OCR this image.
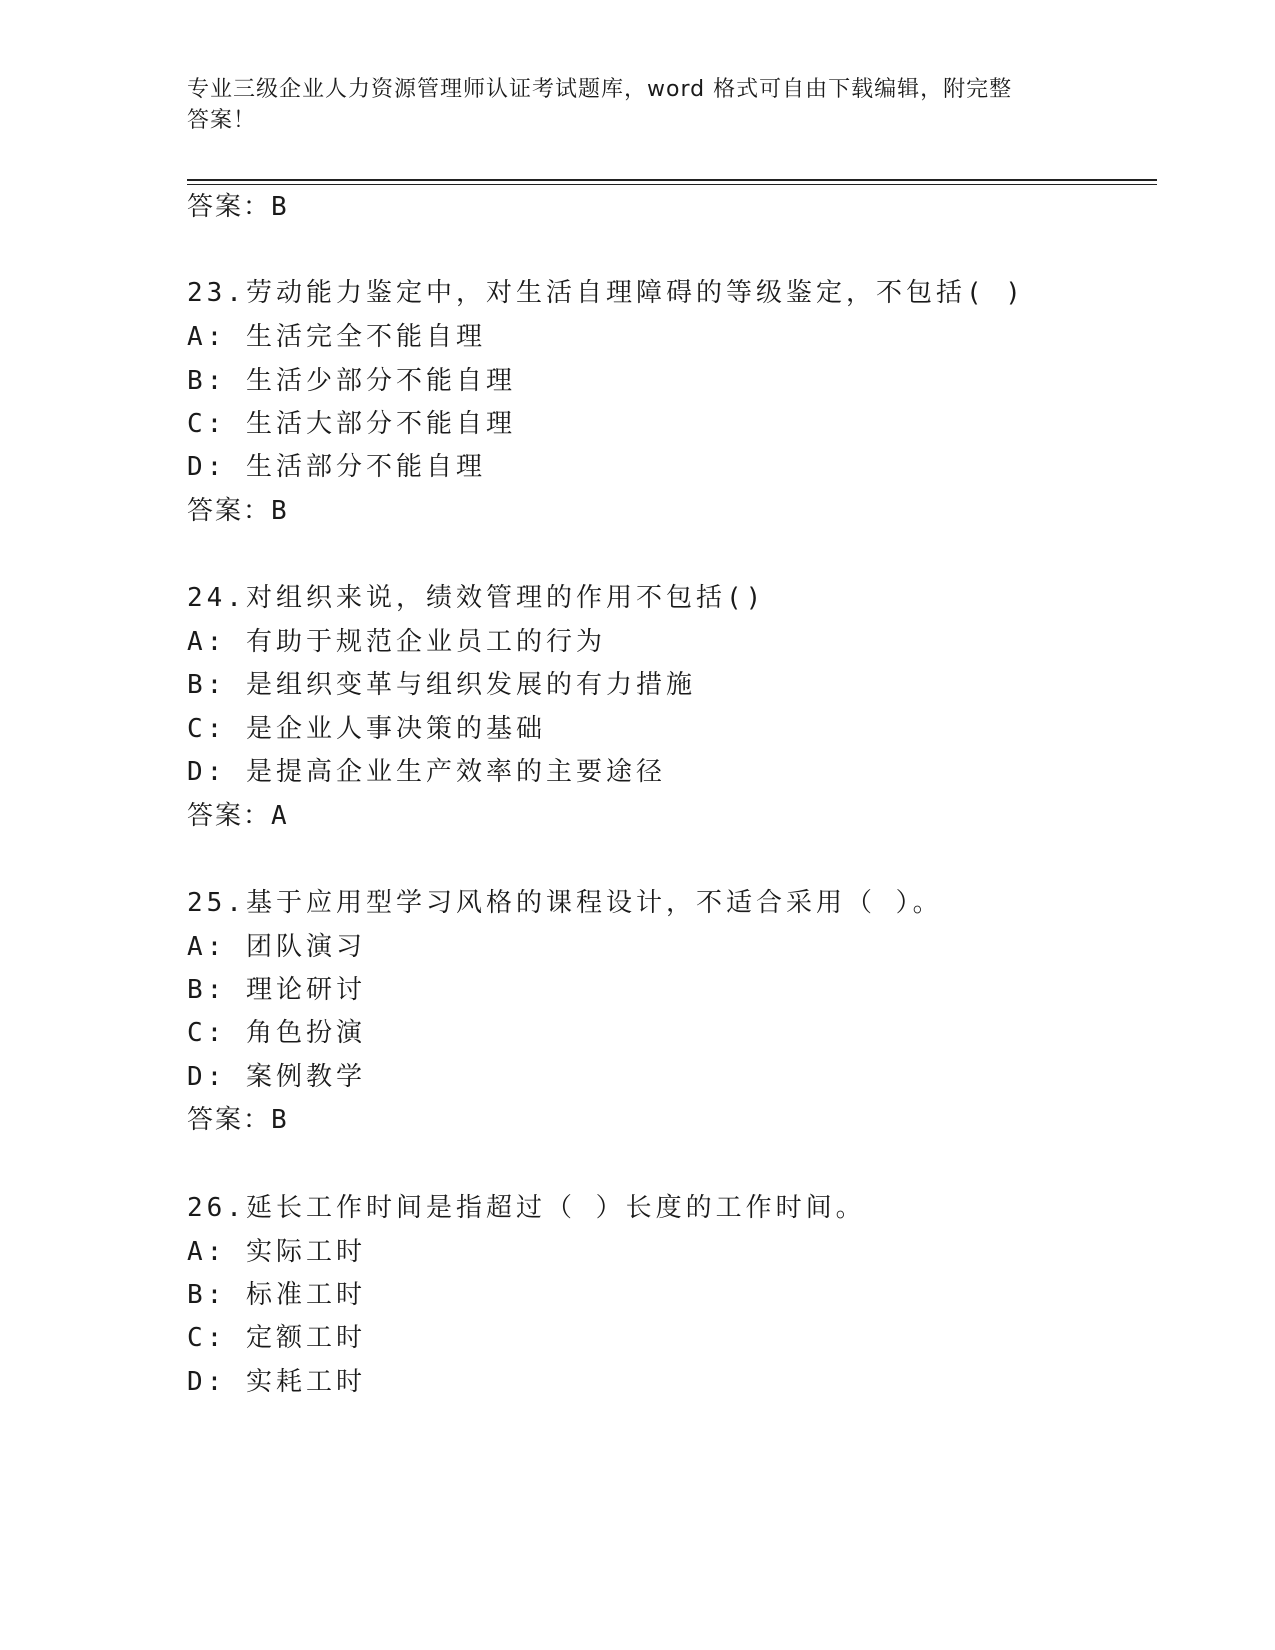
专业三级企业人力资源管理师认证考试题库，word 格式可自由下载编辑，附完整
答案！
答案：B
23.劳动能力鉴定中，对生活自理障碍的等级鉴定，不包括( )
A: 生活完全不能自理
B: 生活少部分不能自理
C: 生活大部分不能自理
D: 生活部分不能自理
答案：B
24.对组织来说，绩效管理的作用不包括()
A: 有助于规范企业员工的行为
B: 是组织变革与组织发展的有力措施
C: 是企业人事决策的基础
D: 是提高企业生产效率的主要途径
答案：A
25.基于应用型学习风格的课程设计，不适合采用（ ）。
A: 团队演习
B: 理论研讨
C: 角色扮演
D: 案例教学
答案：B
26.延长工作时间是指超过（ ）长度的工作时间。
A: 实际工时
B: 标准工时
C: 定额工时
D: 实耗工时
